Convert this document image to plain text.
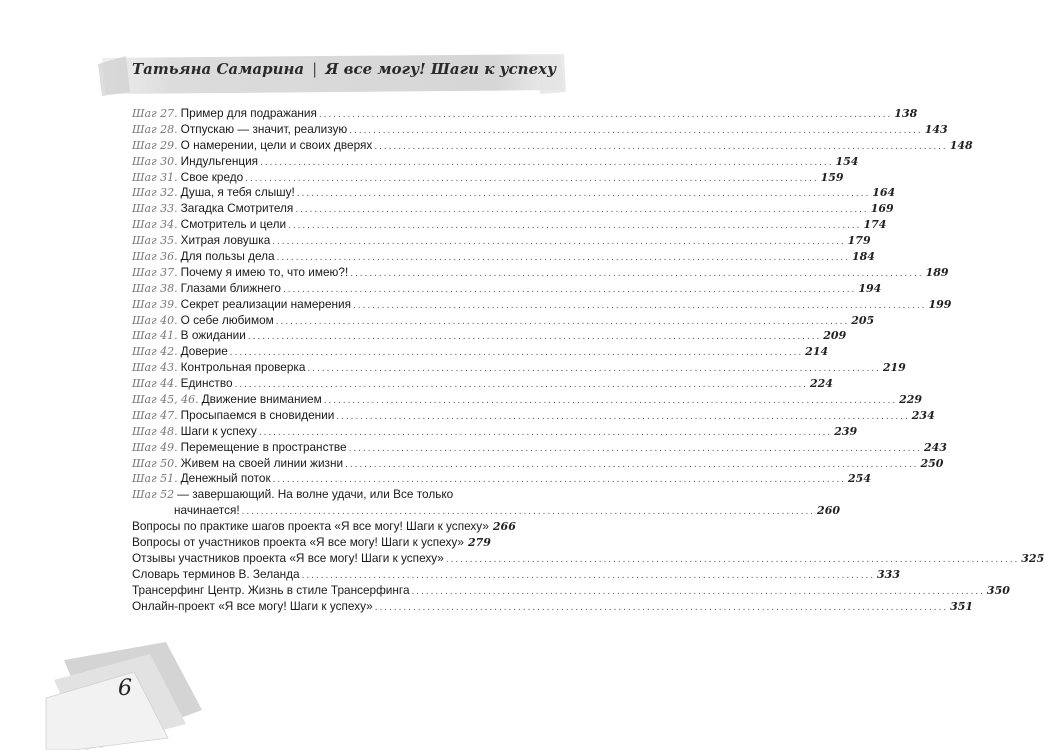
Татьяна Самарина | Я все могу! Шаги к успеху
Шаг 27. Пример для подражания ........................................................................................................................ 138
Шаг 28. Отпускаю — значит, реализую ........................................................................................................................ 143
Шаг 29. О намерении, цели и своих дверях ........................................................................................................................ 148
Шаг 30. Индульгенция ........................................................................................................................ 154
Шаг 31. Свое кредо ........................................................................................................................ 159
Шаг 32. Душа, я тебя слышу! ........................................................................................................................ 164
Шаг 33. Загадка Смотрителя ........................................................................................................................ 169
Шаг 34. Смотритель и цели ........................................................................................................................ 174
Шаг 35. Хитрая ловушка ........................................................................................................................ 179
Шаг 36. Для пользы дела ........................................................................................................................ 184
Шаг 37. Почему я имею то, что имею?! ........................................................................................................................ 189
Шаг 38. Глазами ближнего ........................................................................................................................ 194
Шаг 39. Секрет реализации намерения ........................................................................................................................ 199
Шаг 40. О себе любимом ........................................................................................................................ 205
Шаг 41. В ожидании ........................................................................................................................ 209
Шаг 42. Доверие ........................................................................................................................ 214
Шаг 43. Контрольная проверка ........................................................................................................................ 219
Шаг 44. Единство ........................................................................................................................ 224
Шаг 45, 46. Движение вниманием ........................................................................................................................ 229
Шаг 47. Просыпаемся в сновидении ........................................................................................................................ 234
Шаг 48. Шаги к успеху ........................................................................................................................ 239
Шаг 49. Перемещение в пространстве ........................................................................................................................ 243
Шаг 50. Живем на своей линии жизни ........................................................................................................................ 250
Шаг 51. Денежный поток ........................................................................................................................ 254
Шаг 52 — завершающий. На волне удачи, или Все только
начинается! ........................................................................................................................ 260
Вопросы по практике шагов проекта «Я все могу! Шаги к успеху» 266
Вопросы от участников проекта «Я все могу! Шаги к успеху» 279
Отзывы участников проекта «Я все могу! Шаги к успеху» ........................................................................................................................ 325
Словарь терминов В. Зеланда ........................................................................................................................ 333
Трансерфинг Центр. Жизнь в стиле Трансерфинга ........................................................................................................................ 350
Онлайн-проект «Я все могу! Шаги к успеху» ........................................................................................................................ 351
6
